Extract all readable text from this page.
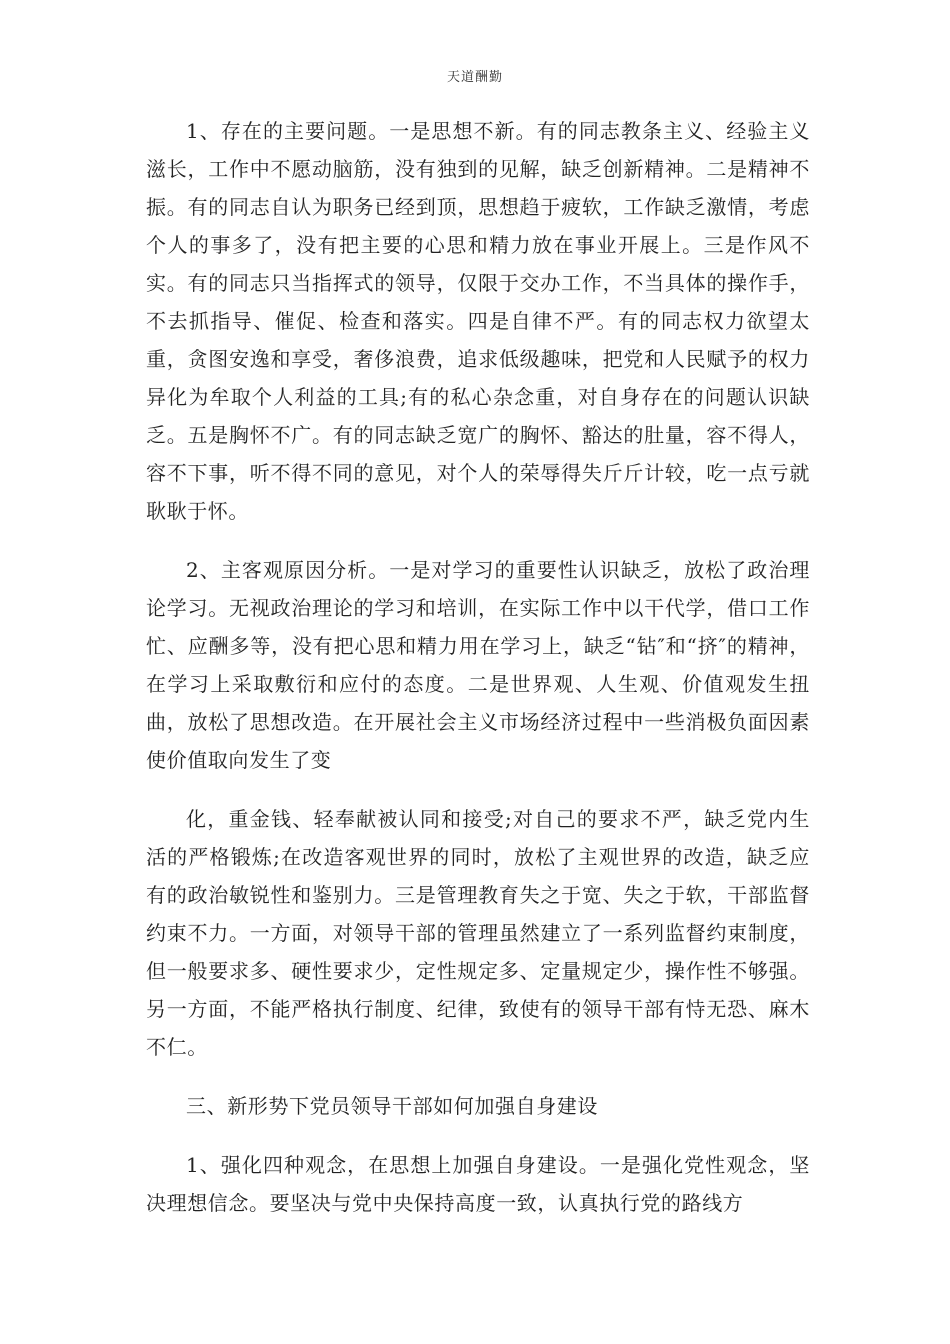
天道酬勤

1、存在的主要问题。一是思想不新。有的同志教条主义、经验主义滋长，工作中不愿动脑筋，没有独到的见解，缺乏创新精神。二是精神不振。有的同志自认为职务已经到顶，思想趋于疲软，工作缺乏激情，考虑个人的事多了，没有把主要的心思和精力放在事业开展上。三是作风不实。有的同志只当指挥式的领导，仅限于交办工作，不当具体的操作手，不去抓指导、催促、检查和落实。四是自律不严。有的同志权力欲望太重，贪图安逸和享受，奢侈浪费，追求低级趣味，把党和人民赋予的权力异化为牟取个人利益的工具;有的私心杂念重，对自身存在的问题认识缺乏。五是胸怀不广。有的同志缺乏宽广的胸怀、豁达的肚量，容不得人，容不下事，听不得不同的意见，对个人的荣辱得失斤斤计较，吃一点亏就耿耿于怀。

2、主客观原因分析。一是对学习的重要性认识缺乏，放松了政治理论学习。无视政治理论的学习和培训，在实际工作中以干代学，借口工作忙、应酬多等，没有把心思和精力用在学习上，缺乏“钻″和“挤″的精神，在学习上采取敷衍和应付的态度。二是世界观、人生观、价值观发生扭曲，放松了思想改造。在开展社会主义市场经济过程中一些消极负面因素使价值取向发生了变

化，重金钱、轻奉献被认同和接受;对自己的要求不严，缺乏党内生活的严格锻炼;在改造客观世界的同时，放松了主观世界的改造，缺乏应有的政治敏锐性和鉴别力。三是管理教育失之于宽、失之于软，干部监督约束不力。一方面，对领导干部的管理虽然建立了一系列监督约束制度，但一般要求多、硬性要求少，定性规定多、定量规定少，操作性不够强。另一方面，不能严格执行制度、纪律，致使有的领导干部有恃无恐、麻木不仁。

三、新形势下党员领导干部如何加强自身建设

1、强化四种观念，在思想上加强自身建设。一是强化党性观念，坚决理想信念。要坚决与党中央保持高度一致，认真执行党的路线方
